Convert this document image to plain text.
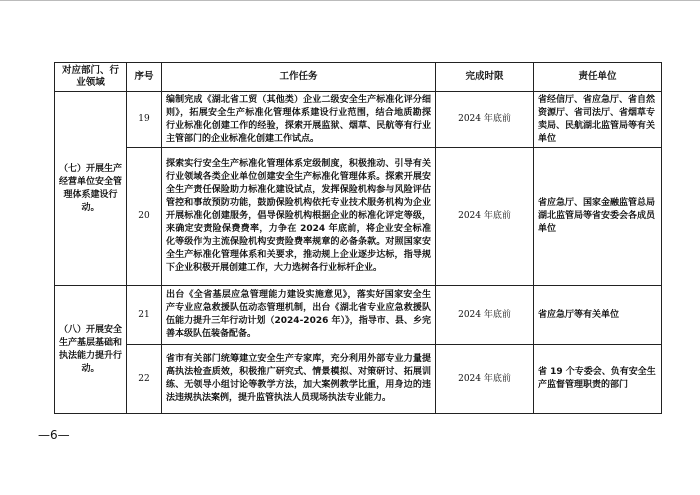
对应部门、行业领域	序号	工作任务	完成时限	责任单位
（七）开展生产经营单位安全管理体系建设行动。	19	编制完成《湖北省工贸（其他类）企业二级安全生产标准化评分细则》，拓展安全生产标准化管理体系建设行业范围，结合地质勘探行业标准化创建工作的经验，探索开展监狱、烟草、民航等有行业主管部门的企业标准化创建工作试点。	2024 年底前	省经信厅、省应急厅、省自然资源厅、省司法厅、省烟草专卖局、民航湖北监管局等有关单位
	20	探索实行安全生产标准化管理体系定级制度，积极推动、引导有关行业领域各类企业单位创建安全生产标准化管理体系。探索开展安全生产责任保险助力标准化建设试点，发挥保险机构参与风险评估管控和事故预防功能，鼓励保险机构依托专业技术服务机构为企业开展标准化创建服务，倡导保险机构根据企业的标准化评定等级，来确定安责险保费费率，力争在 2024 年底前，将企业安全标准化等级作为主流保险机构安责险费率规章的必备条款。对照国家安全生产标准化管理体系和关要求，推动规上企业逐步达标，指导规下企业积极开展创建工作，大力选树各行业标杆企业。	2024 年底前	省应急厅、国家金融监管总局湖北监管局等省安委会各成员单位
（八）开展安全生产基层基础和执法能力提升行动。	21	出台《全省基层应急管理能力建设实施意见》，落实好国家安全生产专业应急救援队伍动态管理机制，出台《湖北省专业应急救援队伍能力提升三年行动计划（2024-2026 年）》，指导市、县、乡完善本级队伍装备配备。	2024 年底前	省应急厅等有关单位
	22	省市有关部门统筹建立安全生产专家库，充分利用外部专业力量提高执法检查质效，积极推广研究式、情景模拟、对策研讨、拓展训练、无领导小组讨论等教学方法，加大案例教学比重，用身边的违法违规执法案例，提升监管执法人员现场执法专业能力。	2024 年底前	省 19 个专委会、负有安全生产监督管理职责的部门
—6—
